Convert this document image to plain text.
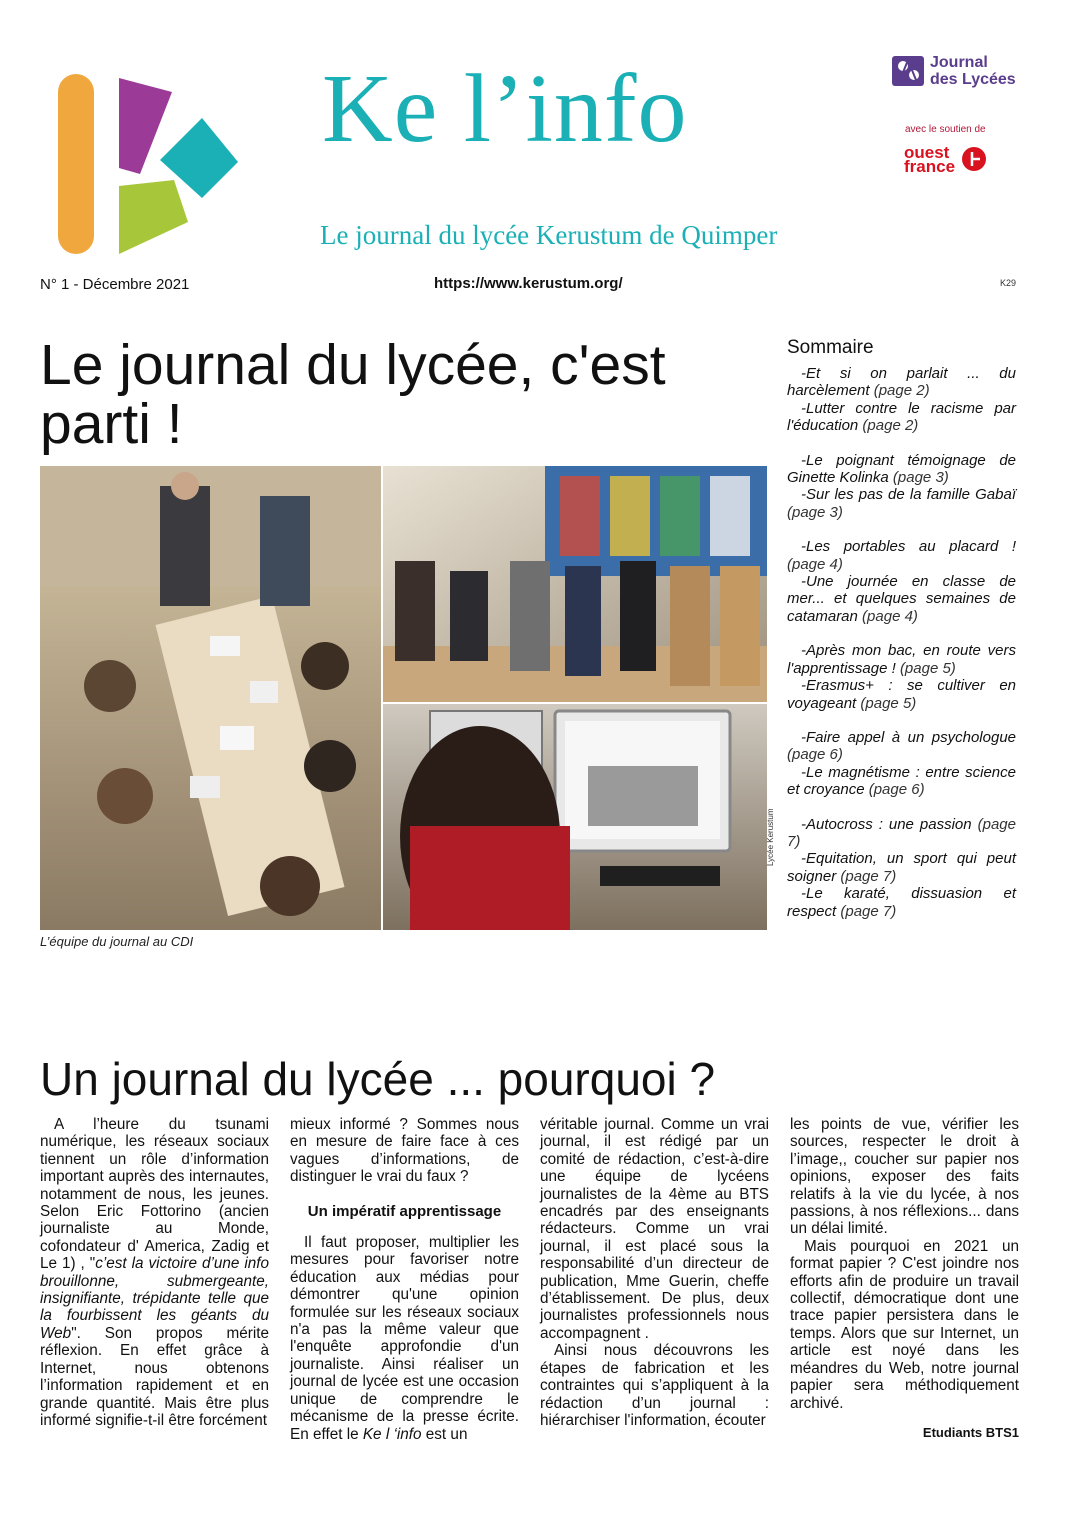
Ke l’info
Le journal du lycée Kerustum de Quimper
Journal
des Lycées
avec le soutien de
ouest
france
N° 1 - Décembre 2021	https://www.kerustum.org/	K29
Le journal du lycée, c'est parti !
Lycée Kerustum
L’équipe du journal au CDI
Sommaire
-Et si on parlait ... du harcèlement (page 2)
-Lutter contre le racisme par l'éducation (page 2)
-Le poignant témoignage de Ginette Kolinka (page 3)
-Sur les pas de la famille Gabaï (page 3)
-Les portables au placard ! (page 4)
-Une journée en classe de mer... et quelques semaines de catamaran (page 4)
-Après mon bac, en route vers l'apprentissage ! (page 5)
-Erasmus+ : se cultiver en voyageant (page 5)
-Faire appel à un psychologue (page 6)
-Le magnétisme : entre science et croyance (page 6)
-Autocross : une passion (page 7)
-Equitation, un sport qui peut soigner (page 7)
-Le karaté, dissuasion et respect (page 7)
Un journal du lycée ... pourquoi ?

A l’heure du tsunami numérique, les réseaux sociaux tiennent un rôle d’information important auprès des internautes, notamment de nous, les jeunes. Selon Eric Fottorino (ancien journaliste au Monde, cofondateur d' America, Zadig et Le 1) , "c’est la victoire d’une info brouillonne, submergeante, insignifiante, trépidante telle que la fourbissent les géants du Web". Son propos mérite réflexion. En effet grâce à Internet, nous obtenons l’information rapidement et en grande quantité. Mais être plus informé signifie-t-il être forcément

mieux informé ? Sommes nous en mesure de faire face à ces vagues d’informations, de distinguer le vrai du faux ?

Un impératif apprentissage

Il faut proposer, multiplier les mesures pour favoriser notre éducation aux médias pour démontrer qu'une opinion formulée sur les réseaux sociaux n'a pas la même valeur que l'enquête approfondie d'un journaliste. Ainsi réaliser un journal de lycée est une occasion unique de comprendre le mécanisme de la presse écrite. En effet le Ke l ‘info est un

véritable journal. Comme un vrai journal, il est rédigé par un comité de rédaction, c’est-à-dire une équipe de lycéens journalistes de la 4ème au BTS encadrés par des enseignants rédacteurs. Comme un vrai journal, il est placé sous la responsabilité d’un directeur de publication, Mme Guerin, cheffe d’établissement. De plus, deux journalistes professionnels nous accompagnent .

Ainsi nous découvrons les étapes de fabrication et les contraintes qui s’appliquent à la rédaction d’un journal : hiérarchiser l'information, écouter

les points de vue, vérifier les sources, respecter le droit à l’image,, coucher sur papier nos opinions, exposer des faits relatifs à la vie du lycée, à nos passions, à nos réflexions... dans un délai limité.

Mais pourquoi en 2021 un format papier ? C'est joindre nos efforts afin de produire un travail collectif, démocratique dont une trace papier persistera dans le temps. Alors que sur Internet, un article est noyé dans les méandres du Web, notre journal papier sera méthodiquement archivé.

Etudiants BTS1
